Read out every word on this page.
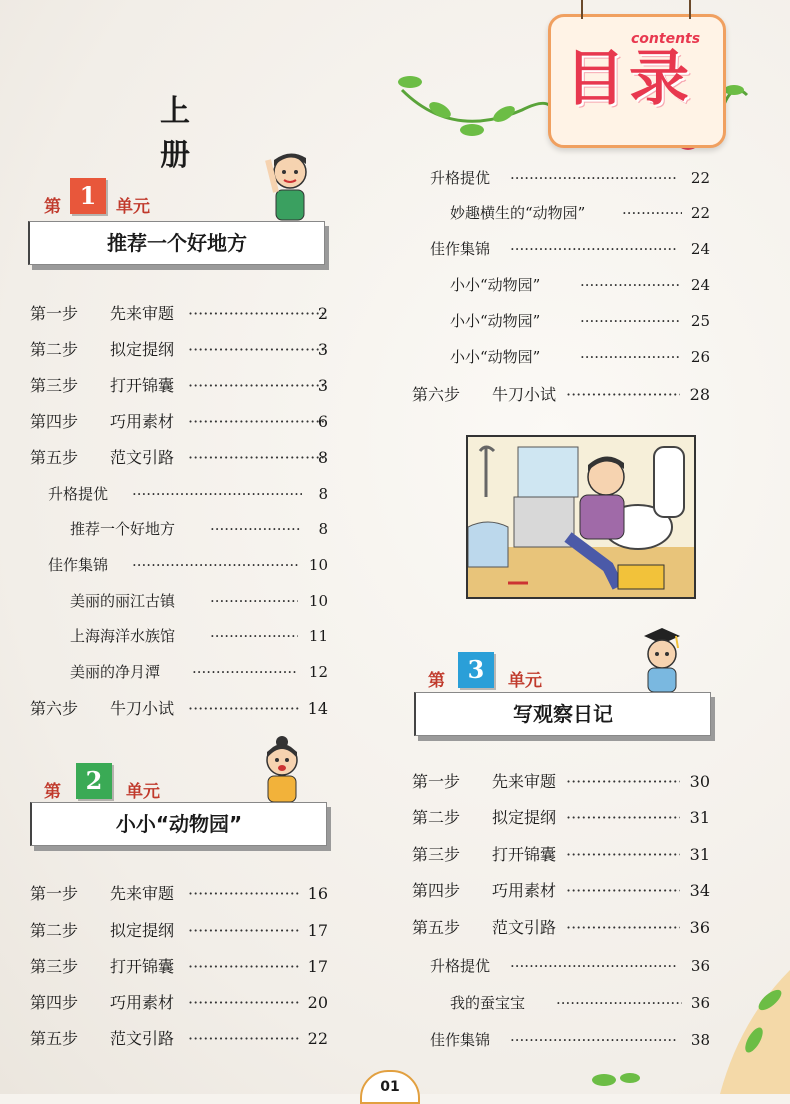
上 册
第 1	单元
推荐一个好地方
第一步 先来审题 ·····	2
第二步 拟定提纲 ·····	3
第三步 打开锦囊 ·····	3
第四步 巧用素材 ·····	6
第五步 范文引路 ·····	8
升格提优 ·····	8
推荐一个好地方 ·····	8
佳作集锦 ·····	10
美丽的丽江古镇 ·····	10
上海海洋水族馆 ·····	11
美丽的净月潭 ·····	12
第六步 牛刀小试 ·····	14
第	2	单元
小小“动物园”
第一步 先来审题 ·····	16
第二步 拟定提纲 ·····	17
第三步 打开锦囊 ·····	17
第四步 巧用素材 ·····	20
第五步 范文引路 ·····	22
目录
contents
升格提优 ·····	22
妙趣横生的“动物园” ·····	22
佳作集锦 ·····	24
小小“动物园” ·····	24
小小“动物园” ·····	25
小小“动物园” ·····	26
第六步 牛刀小试 ·····	28
第 3	单元
写观察日记
第一步 先来审题 ·····	30
第二步 拟定提纲 ·····	31
第三步 打开锦囊 ·····	31
第四步 巧用素材 ·····	34
第五步 范文引路 ·····	36
升格提优 ·····	36
我的蚕宝宝 ·····	36
佳作集锦 ·····	38
01
